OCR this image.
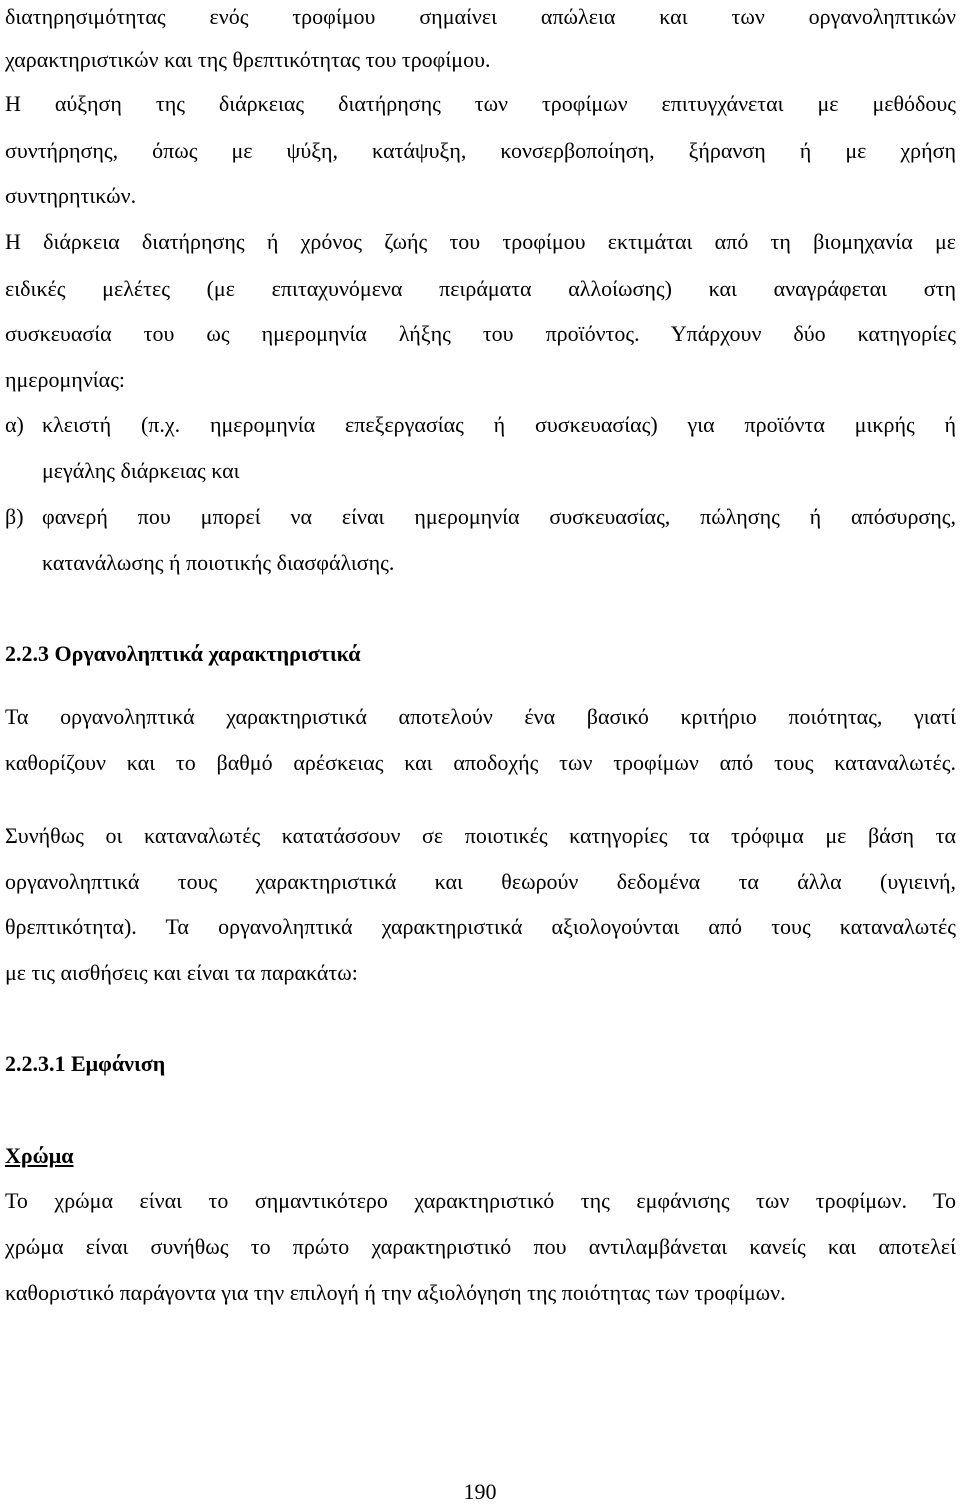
διατηρησιμότητας ενός τροφίμου σημαίνει απώλεια και των οργανοληπτικών
χαρακτηριστικών και της θρεπτικότητας του τροφίμου.
Η αύξηση της διάρκειας διατήρησης των τροφίμων επιτυγχάνεται με μεθόδους
συντήρησης, όπως με ψύξη, κατάψυξη, κονσερβοποίηση, ξήρανση ή με χρήση
συντηρητικών.
Η διάρκεια διατήρησης ή χρόνος ζωής του τροφίμου εκτιμάται από τη βιομηχανία με
ειδικές μελέτες (με επιταχυνόμενα πειράματα αλλοίωσης) και αναγράφεται στη
συσκευασία του ως ημερομηνία λήξης του προϊόντος. Υπάρχουν δύο κατηγορίες
ημερομηνίας:
α) κλειστή (π.χ. ημερομηνία επεξεργασίας ή συσκευασίας) για προϊόντα μικρής ή
μεγάλης διάρκειας και
β) φανερή που μπορεί να είναι ημερομηνία συσκευασίας, πώλησης ή απόσυρσης,
κατανάλωσης ή ποιοτικής διασφάλισης.
2.2.3 Οργανοληπτικά χαρακτηριστικά
Τα οργανοληπτικά χαρακτηριστικά αποτελούν ένα βασικό κριτήριο ποιότητας, γιατί
καθορίζουν και το βαθμό αρέσκειας και αποδοχής των τροφίμων από τους καταναλωτές.
Συνήθως οι καταναλωτές κατατάσσουν σε ποιοτικές κατηγορίες τα τρόφιμα με βάση τα
οργανοληπτικά τους χαρακτηριστικά και θεωρούν δεδομένα τα άλλα (υγιεινή,
θρεπτικότητα). Τα οργανοληπτικά χαρακτηριστικά αξιολογούνται από τους καταναλωτές
με τις αισθήσεις και είναι τα παρακάτω:
2.2.3.1 Εμφάνιση
Χρώμα
Το χρώμα είναι το σημαντικότερο χαρακτηριστικό της εμφάνισης των τροφίμων. Το
χρώμα είναι συνήθως το πρώτο χαρακτηριστικό που αντιλαμβάνεται κανείς και αποτελεί
καθοριστικό παράγοντα για την επιλογή ή την αξιολόγηση της ποιότητας των τροφίμων.
190
